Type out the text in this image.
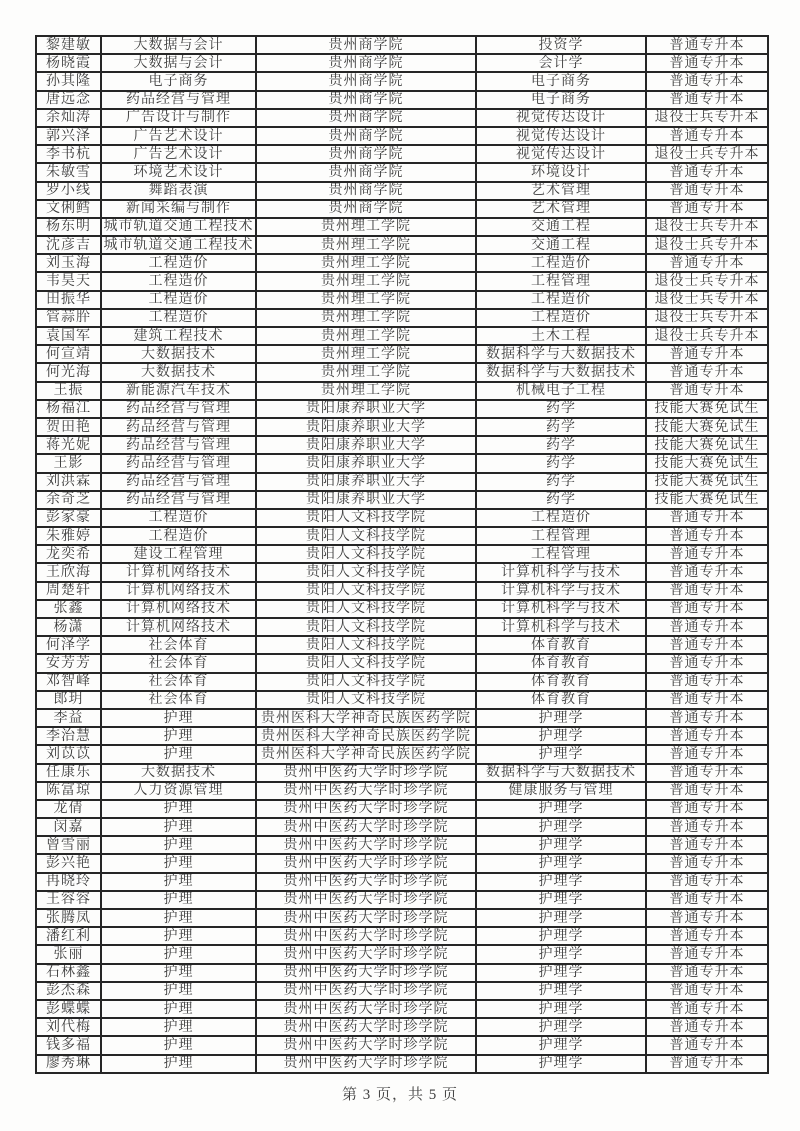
黎建敏	大数据与会计	贵州商学院	投资学	普通专升本
杨晓霞	大数据与会计	贵州商学院	会计学	普通专升本
孙其隆	电子商务	贵州商学院	电子商务	普通专升本
唐远念	药品经营与管理	贵州商学院	电子商务	普通专升本
余灿涛	广告设计与制作	贵州商学院	视觉传达设计	退役士兵专升本
郭兴泽	广告艺术设计	贵州商学院	视觉传达设计	普通专升本
李书杭	广告艺术设计	贵州商学院	视觉传达设计	退役士兵专升本
朱敏雪	环境艺术设计	贵州商学院	环境设计	普通专升本
罗小线	舞蹈表演	贵州商学院	艺术管理	普通专升本
文俐鳕	新闻采编与制作	贵州商学院	艺术管理	普通专升本
杨东明	城市轨道交通工程技术	贵州理工学院	交通工程	退役士兵专升本
沈彦吉	城市轨道交通工程技术	贵州理工学院	交通工程	退役士兵专升本
刘玉海	工程造价	贵州理工学院	工程造价	普通专升本
韦昊天	工程造价	贵州理工学院	工程管理	退役士兵专升本
田振华	工程造价	贵州理工学院	工程造价	退役士兵专升本
管蒜肸	工程造价	贵州理工学院	工程造价	退役士兵专升本
袁国军	建筑工程技术	贵州理工学院	土木工程	退役士兵专升本
何宣靖	大数据技术	贵州理工学院	数据科学与大数据技术	普通专升本
何光海	大数据技术	贵州理工学院	数据科学与大数据技术	普通专升本
王振	新能源汽车技术	贵州理工学院	机械电子工程	普通专升本
杨福江	药品经营与管理	贵阳康养职业大学	药学	技能大赛免试生
贺田艳	药品经营与管理	贵阳康养职业大学	药学	技能大赛免试生
蒋光妮	药品经营与管理	贵阳康养职业大学	药学	技能大赛免试生
王影	药品经营与管理	贵阳康养职业大学	药学	技能大赛免试生
刘洪霖	药品经营与管理	贵阳康养职业大学	药学	技能大赛免试生
余奇芝	药品经营与管理	贵阳康养职业大学	药学	技能大赛免试生
彭家豪	工程造价	贵阳人文科技学院	工程造价	普通专升本
朱雅婷	工程造价	贵阳人文科技学院	工程管理	普通专升本
龙奕希	建设工程管理	贵阳人文科技学院	工程管理	普通专升本
王欣海	计算机网络技术	贵阳人文科技学院	计算机科学与技术	普通专升本
周楚轩	计算机网络技术	贵阳人文科技学院	计算机科学与技术	普通专升本
张鑫	计算机网络技术	贵阳人文科技学院	计算机科学与技术	普通专升本
杨潇	计算机网络技术	贵阳人文科技学院	计算机科学与技术	普通专升本
何泽学	社会体育	贵阳人文科技学院	体育教育	普通专升本
安芳芳	社会体育	贵阳人文科技学院	体育教育	普通专升本
邓智峰	社会体育	贵阳人文科技学院	体育教育	普通专升本
郎玥	社会体育	贵阳人文科技学院	体育教育	普通专升本
李益	护理	贵州医科大学神奇民族医药学院	护理学	普通专升本
李治慧	护理	贵州医科大学神奇民族医药学院	护理学	普通专升本
刘苡苡	护理	贵州医科大学神奇民族医药学院	护理学	普通专升本
任康乐	大数据技术	贵州中医药大学时珍学院	数据科学与大数据技术	普通专升本
陈富琼	人力资源管理	贵州中医药大学时珍学院	健康服务与管理	普通专升本
龙倩	护理	贵州中医药大学时珍学院	护理学	普通专升本
闵嘉	护理	贵州中医药大学时珍学院	护理学	普通专升本
曾雪丽	护理	贵州中医药大学时珍学院	护理学	普通专升本
彭兴艳	护理	贵州中医药大学时珍学院	护理学	普通专升本
冉晓玲	护理	贵州中医药大学时珍学院	护理学	普通专升本
王容容	护理	贵州中医药大学时珍学院	护理学	普通专升本
张腾凤	护理	贵州中医药大学时珍学院	护理学	普通专升本
潘红利	护理	贵州中医药大学时珍学院	护理学	普通专升本
张丽	护理	贵州中医药大学时珍学院	护理学	普通专升本
石林鑫	护理	贵州中医药大学时珍学院	护理学	普通专升本
彭杰森	护理	贵州中医药大学时珍学院	护理学	普通专升本
彭蝶蝶	护理	贵州中医药大学时珍学院	护理学	普通专升本
刘代梅	护理	贵州中医药大学时珍学院	护理学	普通专升本
钱多福	护理	贵州中医药大学时珍学院	护理学	普通专升本
廖秀琳	护理	贵州中医药大学时珍学院	护理学	普通专升本
第 3 页，共 5 页
